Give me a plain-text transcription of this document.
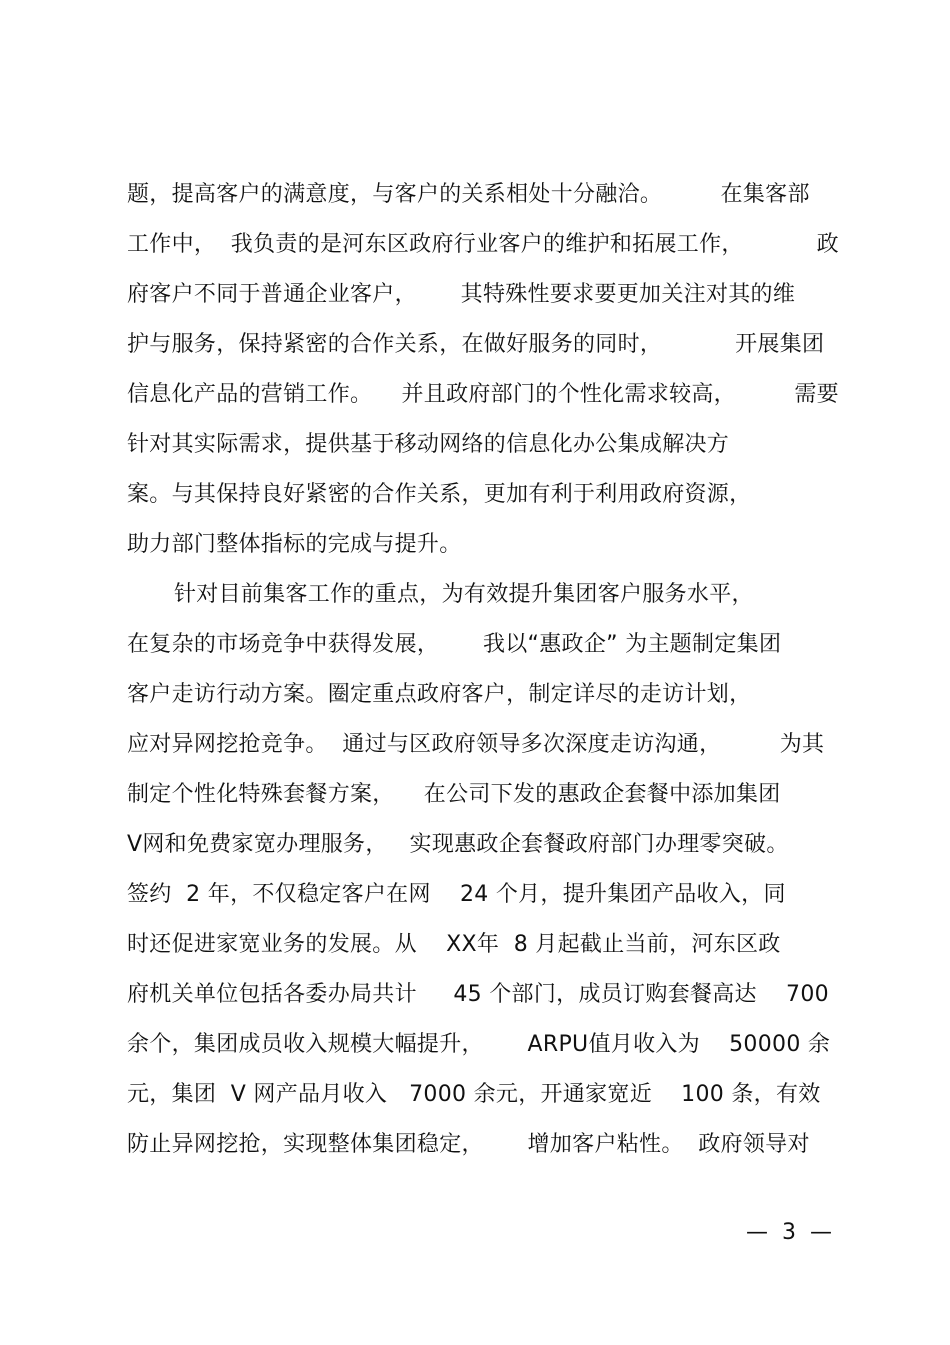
题，提高客户的满意度，与客户的关系相处十分融洽。        在集客部
工作中，  我负责的是河东区政府行业客户的维护和拓展工作，          政
府客户不同于普通企业客户，      其特殊性要求要更加关注对其的维
护与服务，保持紧密的合作关系，在做好服务的同时，          开展集团
信息化产品的营销工作。    并且政府部门的个性化需求较高，        需要
针对其实际需求，提供基于移动网络的信息化办公集成解决方
案。与其保持良好紧密的合作关系，更加有利于利用政府资源，
助力部门整体指标的完成与提升。
针对目前集客工作的重点，为有效提升集团客户服务水平，
在复杂的市场竞争中获得发展，      我以“惠政企” 为主题制定集团
客户走访行动方案。圈定重点政府客户，制定详尽的走访计划，
应对异网挖抢竞争。  通过与区政府领导多次深度走访沟通，        为其
制定个性化特殊套餐方案，    在公司下发的惠政企套餐中添加集团
V网和免费家宽办理服务，   实现惠政企套餐政府部门办理零突破。
签约  2 年，不仅稳定客户在网    24 个月，提升集团产品收入，同
时还促进家宽业务的发展。从    XX年  8 月起截止当前，河东区政
府机关单位包括各委办局共计     45 个部门，成员订购套餐高达    700
余个，集团成员收入规模大幅提升，      ARPU值月收入为    50000 余
元，集团  V 网产品月收入   7000 余元，开通家宽近    100 条，有效
防止异网挖抢，实现整体集团稳定，      增加客户粘性。  政府领导对
—  3  —
